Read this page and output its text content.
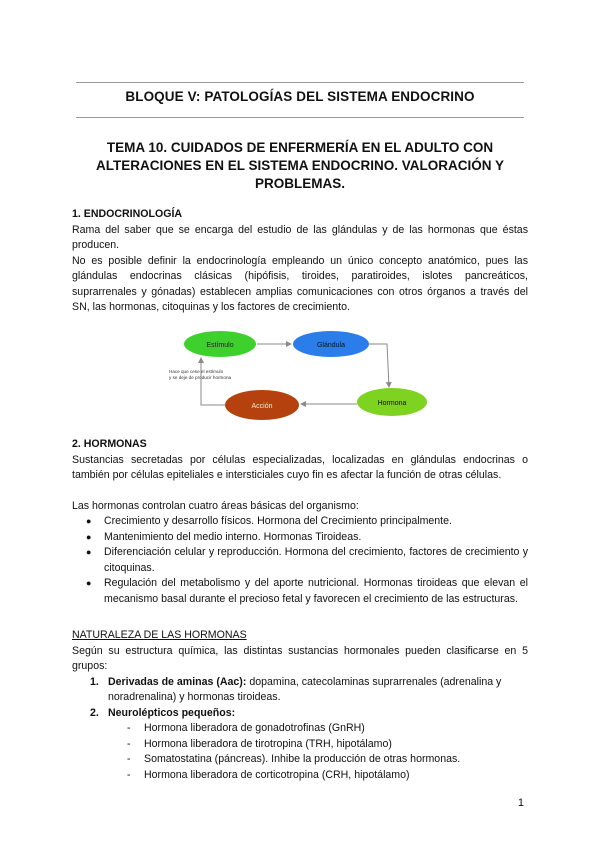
BLOQUE V: PATOLOGÍAS DEL SISTEMA ENDOCRINO
TEMA 10. CUIDADOS DE ENFERMERÍA EN EL ADULTO CON ALTERACIONES EN EL SISTEMA ENDOCRINO. VALORACIÓN Y PROBLEMAS.

1. ENDOCRINOLOGÍA

Rama del saber que se encarga del estudio de las glándulas y de las hormonas que éstas producen.

No es posible definir la endocrinología empleando un único concepto anatómico, pues las glándulas endocrinas clásicas (hipófisis, tiroides, paratiroides, islotes pancreáticos, suprarrenales y gónadas) establecen amplias comunicaciones con otros órganos a través del SN, las hormonas, citoquinas y los factores de crecimiento.

Estímulo	Glándula
Hormona
Acción
Hace que cese el estímulo
y se deje de producir hormona

2. HORMONAS

Sustancias secretadas por células especializadas, localizadas en glándulas endocrinas o también por células epiteliales e intersticiales cuyo fin es afectar la función de otras células.

Las hormonas controlan cuatro áreas básicas del organismo:

● Crecimiento y desarrollo físicos. Hormona del Crecimiento principalmente.
● Mantenimiento del medio interno. Hormonas Tiroideas.
● Diferenciación celular y reproducción. Hormona del crecimiento, factores de crecimiento y citoquinas.
● Regulación del metabolismo y del aporte nutricional. Hormonas tiroideas que elevan el mecanismo basal durante el precioso fetal y favorecen el crecimiento de las estructuras.

NATURALEZA DE LAS HORMONAS

Según su estructura química, las distintas sustancias hormonales pueden clasificarse en 5 grupos:

1. Derivadas de aminas (Aac): dopamina, catecolaminas suprarrenales (adrenalina y noradrenalina) y hormonas tiroideas.
2. Neurolépticos pequeños:
- Hormona liberadora de gonadotrofinas (GnRH)
- Hormona liberadora de tirotropina (TRH, hipotálamo)
- Somatostatina (páncreas). Inhibe la producción de otras hormonas.
- Hormona liberadora de corticotropina (CRH, hipotálamo)
1
